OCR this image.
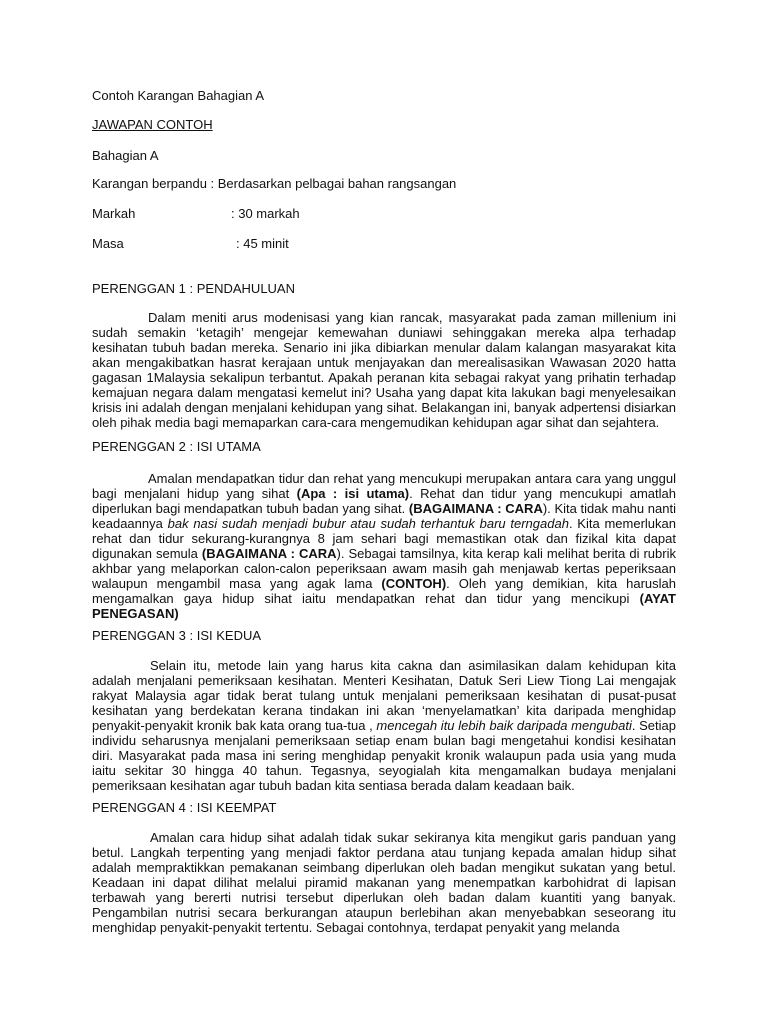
Contoh Karangan Bahagian A
JAWAPAN CONTOH
Bahagian A
Karangan berpandu : Berdasarkan pelbagai bahan rangsangan
Markah	: 30 markah
Masa	: 45 minit
PERENGGAN 1 : PENDAHULUAN

Dalam meniti arus modenisasi yang kian rancak, masyarakat pada zaman millenium ini sudah semakin ‘ketagih’ mengejar kemewahan duniawi sehinggakan mereka alpa terhadap kesihatan tubuh badan mereka. Senario ini jika dibiarkan menular dalam kalangan masyarakat kita akan mengakibatkan hasrat kerajaan untuk menjayakan dan merealisasikan Wawasan 2020 hatta gagasan 1Malaysia sekalipun terbantut. Apakah peranan kita sebagai rakyat yang prihatin terhadap kemajuan negara dalam mengatasi kemelut ini? Usaha yang dapat kita lakukan bagi menyelesaikan krisis ini adalah dengan menjalani kehidupan yang sihat. Belakangan ini, banyak adpertensi disiarkan oleh pihak media bagi memaparkan cara-cara mengemudikan kehidupan agar sihat dan sejahtera.

PERENGGAN 2 : ISI UTAMA

Amalan mendapatkan tidur dan rehat yang mencukupi merupakan antara cara yang unggul bagi menjalani hidup yang sihat (Apa : isi utama). Rehat dan tidur yang mencukupi amatlah diperlukan bagi mendapatkan tubuh badan yang sihat. (BAGAIMANA : CARA). Kita tidak mahu nanti keadaannya bak nasi sudah menjadi bubur atau sudah terhantuk baru terngadah. Kita memerlukan rehat dan tidur sekurang-kurangnya 8 jam sehari bagi memastikan otak dan fizikal kita dapat digunakan semula (BAGAIMANA : CARA). Sebagai tamsilnya, kita kerap kali melihat berita di rubrik akhbar yang melaporkan calon-calon peperiksaan awam masih gah menjawab kertas peperiksaan walaupun mengambil masa yang agak lama (CONTOH). Oleh yang demikian, kita haruslah mengamalkan gaya hidup sihat iaitu mendapatkan rehat dan tidur yang mencikupi (AYAT PENEGASAN)

PERENGGAN 3 : ISI KEDUA

Selain itu, metode lain yang harus kita cakna dan asimilasikan dalam kehidupan kita adalah menjalani pemeriksaan kesihatan. Menteri Kesihatan, Datuk Seri Liew Tiong Lai mengajak rakyat Malaysia agar tidak berat tulang untuk menjalani pemeriksaan kesihatan di pusat-pusat kesihatan yang berdekatan kerana tindakan ini akan ‘menyelamatkan’ kita daripada menghidap penyakit-penyakit kronik bak kata orang tua-tua , mencegah itu lebih baik daripada mengubati. Setiap individu seharusnya menjalani pemeriksaan setiap enam bulan bagi mengetahui kondisi kesihatan diri. Masyarakat pada masa ini sering menghidap penyakit kronik walaupun pada usia yang muda iaitu sekitar 30 hingga 40 tahun. Tegasnya, seyogialah kita mengamalkan budaya menjalani pemeriksaan kesihatan agar tubuh badan kita sentiasa berada dalam keadaan baik.

PERENGGAN 4 : ISI KEEMPAT

Amalan cara hidup sihat adalah tidak sukar sekiranya kita mengikut garis panduan yang betul. Langkah terpenting yang menjadi faktor perdana atau tunjang kepada amalan hidup sihat adalah mempraktikkan pemakanan seimbang diperlukan oleh badan mengikut sukatan yang betul. Keadaan ini dapat dilihat melalui piramid makanan yang menempatkan karbohidrat di lapisan terbawah yang bererti nutrisi tersebut diperlukan oleh badan dalam kuantiti yang banyak. Pengambilan nutrisi secara berkurangan ataupun berlebihan akan menyebabkan seseorang itu menghidap penyakit-penyakit tertentu. Sebagai contohnya, terdapat penyakit yang melanda
